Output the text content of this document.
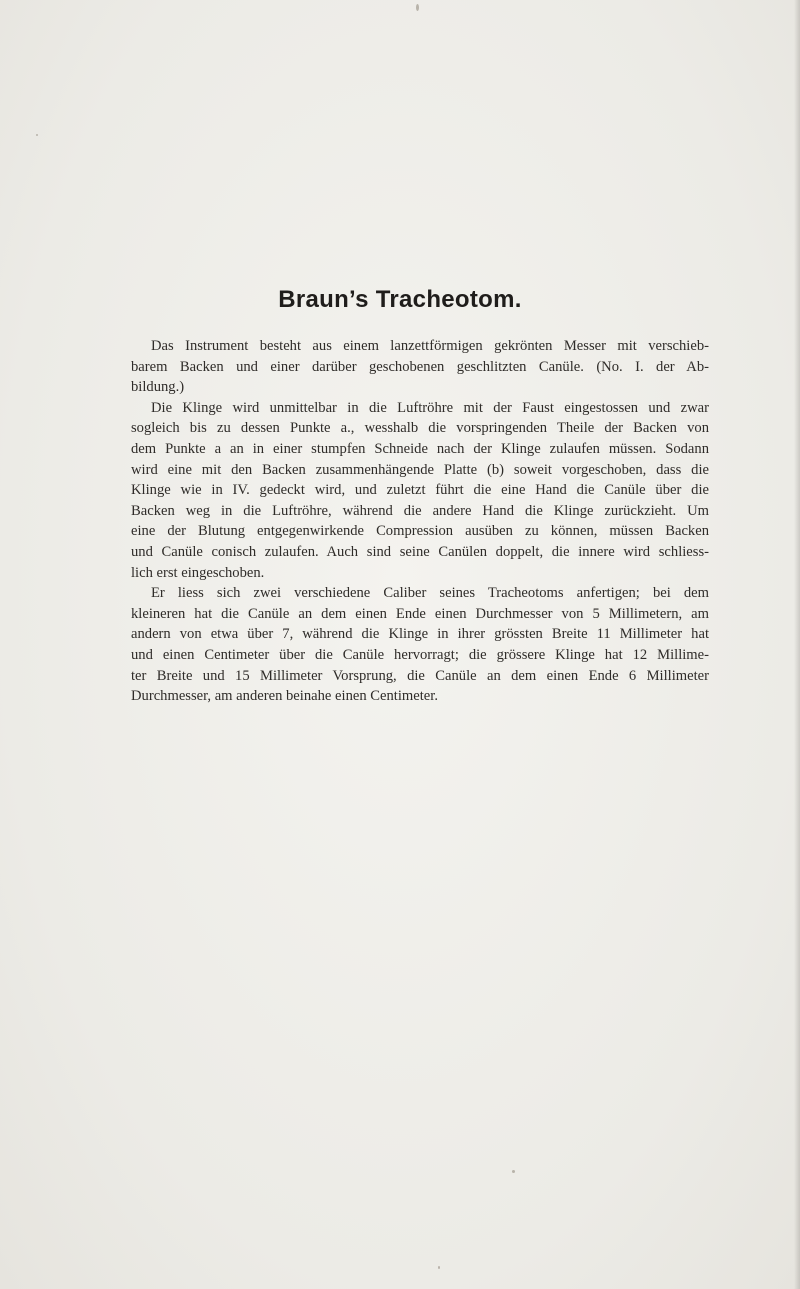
Braun’s Tracheotom.
Das Instrument besteht aus einem lanzettförmigen gekrönten Messer mit verschieb-
barem Backen und einer darüber geschobenen geschlitzten Canüle. (No. I. der Ab-
bildung.)
Die Klinge wird unmittelbar in die Luftröhre mit der Faust eingestossen und zwar
sogleich bis zu dessen Punkte a., wesshalb die vorspringenden Theile der Backen von
dem Punkte a an in einer stumpfen Schneide nach der Klinge zulaufen müssen. Sodann
wird eine mit den Backen zusammenhängende Platte (b) soweit vorgeschoben, dass die
Klinge wie in IV. gedeckt wird, und zuletzt führt die eine Hand die Canüle über die
Backen weg in die Luftröhre, während die andere Hand die Klinge zurückzieht. Um
eine der Blutung entgegenwirkende Compression ausüben zu können, müssen Backen
und Canüle conisch zulaufen. Auch sind seine Canülen doppelt, die innere wird schliess-
lich erst eingeschoben.
Er liess sich zwei verschiedene Caliber seines Tracheotoms anfertigen; bei dem
kleineren hat die Canüle an dem einen Ende einen Durchmesser von 5 Millimetern, am
andern von etwa über 7, während die Klinge in ihrer grössten Breite 11 Millimeter hat
und einen Centimeter über die Canüle hervorragt; die grössere Klinge hat 12 Millime-
ter Breite und 15 Millimeter Vorsprung, die Canüle an dem einen Ende 6 Millimeter
Durchmesser, am anderen beinahe einen Centimeter.
